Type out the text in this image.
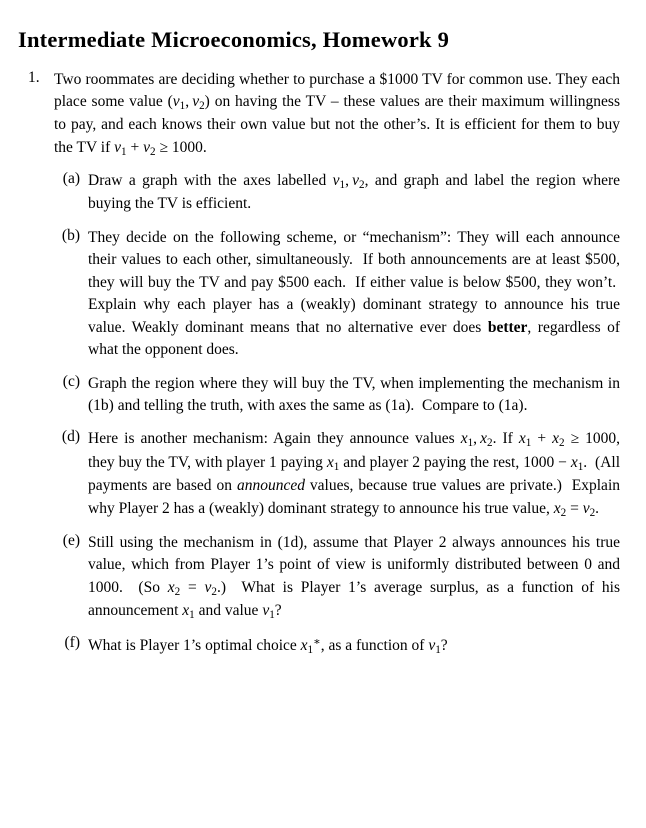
Intermediate Microeconomics, Homework 9
1. Two roommates are deciding whether to purchase a $1000 TV for common use. They each place some value ($v_1$, $v_2$) on having the TV – these values are their maximum willingness to pay, and each knows their own value but not the other’s. It is efficient for them to buy the TV if $v_1 + v_2 \ge 1000$.

(a) Draw a graph with the axes labelled $v_1$, $v_2$, and graph and label the region where buying the TV is efficient.

(b) They decide on the following scheme, or “mechanism”: They will each announce their values to each other, simultaneously.  If both announcements are at least $500, they will buy the TV and pay $500 each.  If either value is below $500, they won’t.  Explain why each player has a (weakly) dominant strategy to announce his true value. Weakly dominant means that no alternative ever does better, regardless of what the opponent does.

(c) Graph the region where they will buy the TV, when implementing the mechanism in (1b) and telling the truth, with axes the same as (1a).  Compare to (1a).

(d) Here is another mechanism: Again they announce values $x_1$, $x_2$. If $x_1 + x_2 \ge 1000$, they buy the TV, with player 1 paying $x_1$ and player 2 paying the rest, $1000 - x_1$.  (All payments are based on announced values, because true values are private.)  Explain why Player 2 has a (weakly) dominant strategy to announce his true value, $x_2 = v_2$.

(e) Still using the mechanism in (1d), assume that Player 2 always announces his true value, which from Player 1’s point of view is uniformly distributed between 0 and 1000.  (So $x_2 = v_2$.)  What is Player 1’s average surplus, as a function of his announcement $x_1$ and value $v_1$?

(f) What is Player 1’s optimal choice $x_1^∗$, as a function of $v_1$?
